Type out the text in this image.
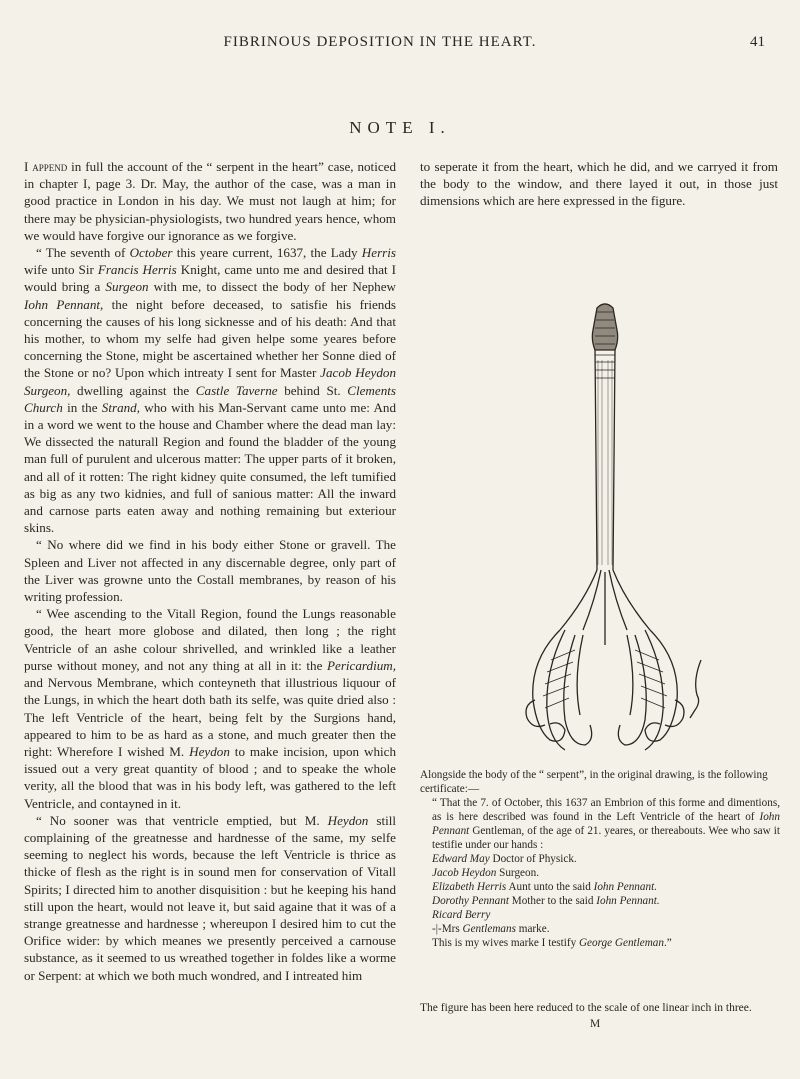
FIBRINOUS DEPOSITION IN THE HEART.	41
NOTE I.

I append in full the account of the “ serpent in the heart” case, noticed in chapter I, page 3. Dr. May, the author of the case, was a man in good practice in London in his day. We must not laugh at him; for there may be physician-physiologists, two hundred years hence, whom we would have forgive our ignorance as we forgive.

“ The seventh of October this yeare current, 1637, the Lady Herris wife unto Sir Francis Herris Knight, came unto me and desired that I would bring a Surgeon with me, to dissect the body of her Nephew Iohn Pennant, the night before deceased, to satisfie his friends concerning the causes of his long sicknesse and of his death: And that his mother, to whom my selfe had given helpe some yeares before concerning the Stone, might be ascertained whether her Sonne died of the Stone or no? Upon which intreaty I sent for Master Jacob Heydon Surgeon, dwelling against the Castle Taverne behind St. Clements Church in the Strand, who with his Man-Servant came unto me: And in a word we went to the house and Chamber where the dead man lay: We dissected the naturall Region and found the bladder of the young man full of purulent and ulcerous matter: The upper parts of it broken, and all of it rotten: The right kidney quite consumed, the left tumified as big as any two kidnies, and full of sanious matter: All the inward and carnose parts eaten away and nothing remaining but exteriour skins.

“ No where did we find in his body either Stone or gravell. The Spleen and Liver not affected in any discernable degree, only part of the Liver was growne unto the Costall membranes, by reason of his writing profession.

“ Wee ascending to the Vitall Region, found the Lungs reasonable good, the heart more globose and dilated, then long ; the right Ventricle of an ashe colour shrivelled, and wrinkled like a leather purse without money, and not any thing at all in it: the Pericardium, and Nervous Membrane, which conteyneth that illustrious liquour of the Lungs, in which the heart doth bath its selfe, was quite dried also : The left Ventricle of the heart, being felt by the Surgions hand, appeared to him to be as hard as a stone, and much greater then the right: Wherefore I wished M. Heydon to make incision, upon which issued out a very great quantity of blood ; and to speake the whole verity, all the blood that was in his body left, was gathered to the left Ventricle, and contayned in it.

“ No sooner was that ventricle emptied, but M. Heydon still complaining of the greatnesse and hardnesse of the same, my selfe seeming to neglect his words, because the left Ventricle is thrice as thicke of flesh as the right is in sound men for conservation of Vitall Spirits; I directed him to another disquisition : but he keeping his hand still upon the heart, would not leave it, but said againe that it was of a strange greatnesse and hardnesse ; whereupon I desired him to cut the Orifice wider: by which meanes we presently perceived a carnouse substance, as it seemed to us wreathed together in foldes like a worme or Serpent: at which we both much wondred, and I intreated him

to seperate it from the heart, which he did, and we carryed it from the body to the window, and there layed it out, in those just dimensions which are here expressed in the figure.

Alongside the body of the “ serpent”, in the original drawing, is the following certificate:—

“ That the 7. of October, this 1637 an Embrion of this forme and dimentions, as is here described was found in the Left Ventricle of the heart of Iohn Pennant Gentleman, of the age of 21. yeares, or thereabouts. Wee who saw it testifie under our hands :

Edward May Doctor of Physick.

Jacob Heydon Surgeon.

Elizabeth Herris Aunt unto the said Iohn Pennant.

Dorothy Pennant Mother to the said Iohn Pennant.

Ricard Berry

-|-Mrs Gentlemans marke.

This is my wives marke I testify George Gentleman.”

The figure has been here reduced to the scale of one linear inch in three.
M
